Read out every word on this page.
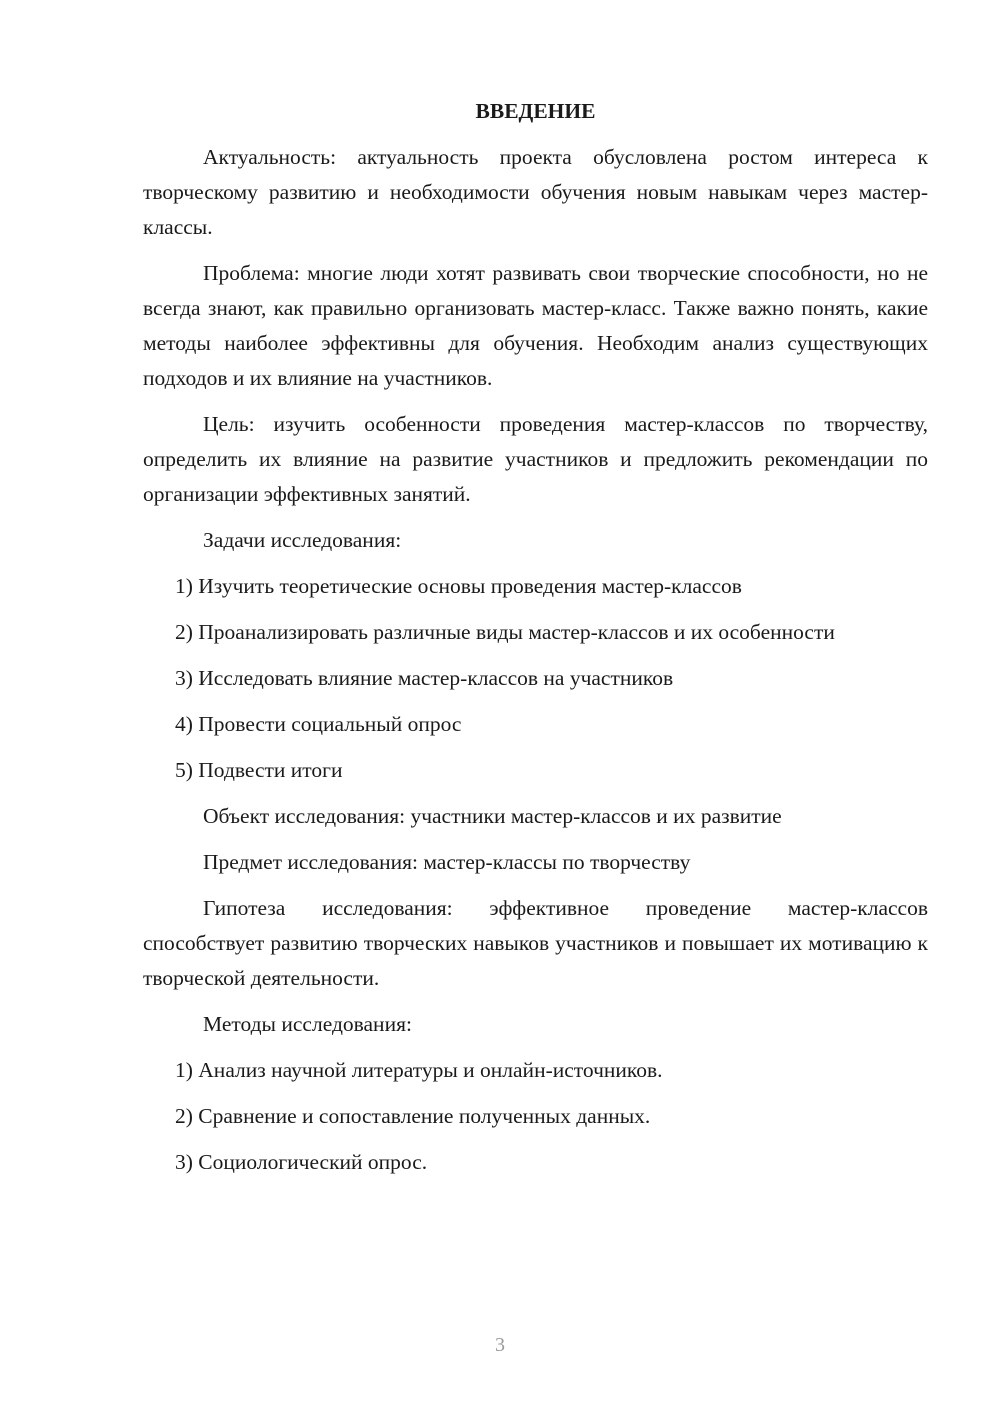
ВВЕДЕНИЕ

Актуальность: актуальность проекта обусловлена ростом интереса к творческому развитию и необходимости обучения новым навыкам через мастер-классы.

Проблема: многие люди хотят развивать свои творческие способности, но не всегда знают, как правильно организовать мастер-класс. Также важно понять, какие методы наиболее эффективны для обучения. Необходим анализ существующих подходов и их влияние на участников.

Цель: изучить особенности проведения мастер-классов по творчеству, определить их влияние на развитие участников и предложить рекомендации по организации эффективных занятий.

Задачи исследования:

1) Изучить теоретические основы проведения мастер-классов

2) Проанализировать различные виды мастер-классов и их особенности

3) Исследовать влияние мастер-классов на участников

4) Провести социальный опрос

5) Подвести итоги

Объект исследования: участники мастер-классов и их развитие

Предмет исследования: мастер-классы по творчеству

Гипотеза исследования: эффективное проведение мастер-классов способствует развитию творческих навыков участников и повышает их мотивацию к творческой деятельности.

Методы исследования:

1) Анализ научной литературы и онлайн-источников.

2) Сравнение и сопоставление полученных данных.

3) Социологический опрос.

3
